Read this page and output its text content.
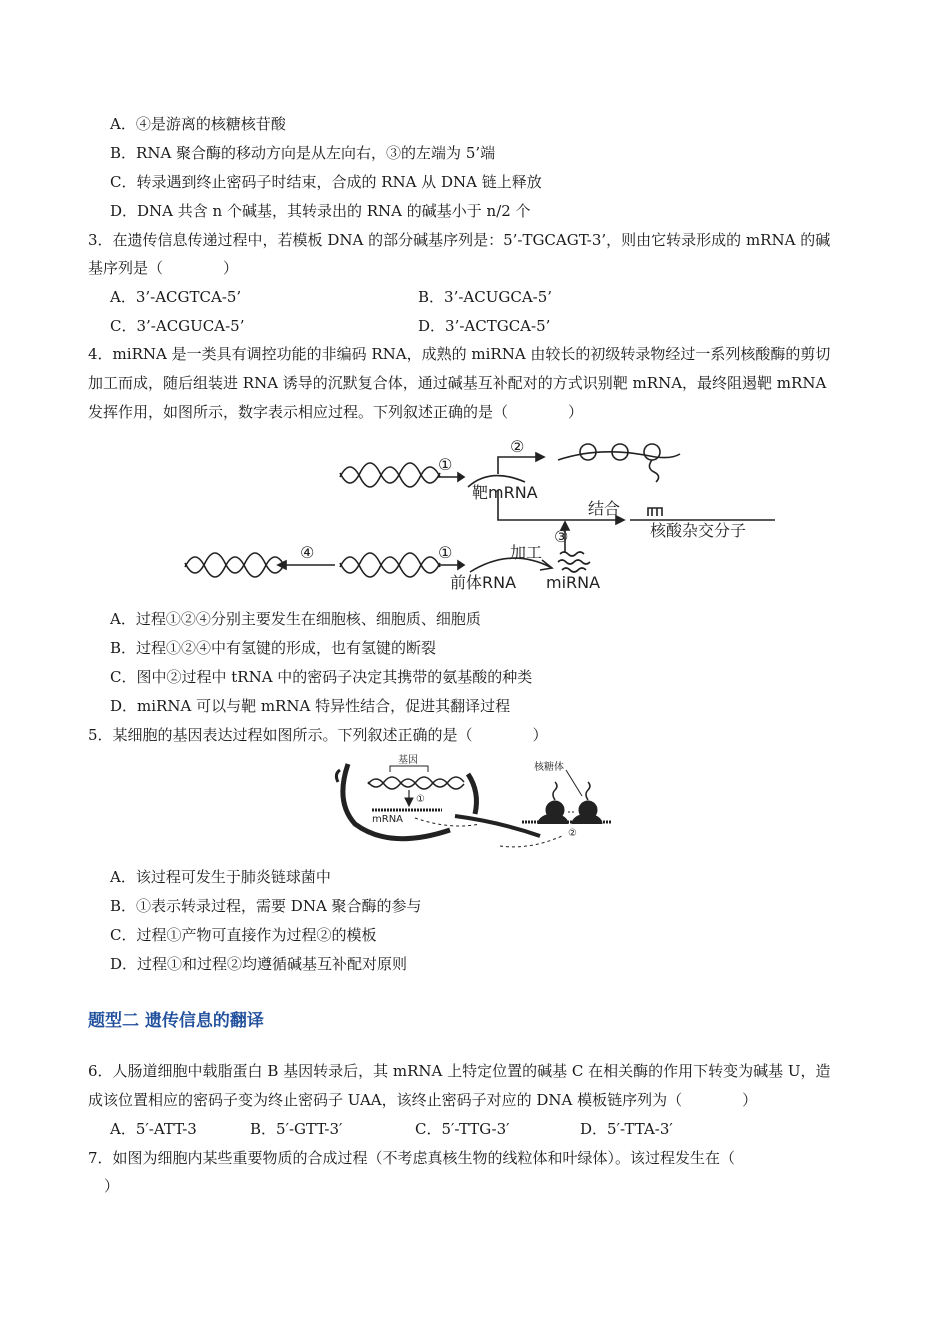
A．④是游离的核糖核苷酸
B．RNA 聚合酶的移动方向是从左向右，③的左端为 5’端
C．转录遇到终止密码子时结束，合成的 RNA 从 DNA 链上释放
D．DNA 共含 n 个碱基，其转录出的 RNA 的碱基小于 n/2 个
3．在遗传信息传递过程中，若模板 DNA 的部分碱基序列是：5’-TGCAGT-3’，则由它转录形成的 mRNA 的碱
基序列是（　　　　）
A．3’-ACGTCA-5’	B．3’-ACUGCA-5’
C．3’-ACGUCA-5’	D．3’-ACTGCA-5’
4．miRNA 是一类具有调控功能的非编码 RNA，成熟的 miRNA 由较长的初级转录物经过一系列核酸酶的剪切
加工而成，随后组装进 RNA 诱导的沉默复合体，通过碱基互补配对的方式识别靶 mRNA，最终阻遏靶 mRNA
发挥作用，如图所示，数字表示相应过程。下列叙述正确的是（　　　　）
①
②
靶mRNA
结合
核酸杂交分子
③
④	①	加工
前体RNA miRNA
A．过程①②④分别主要发生在细胞核、细胞质、细胞质
B．过程①②④中有氢键的形成，也有氢键的断裂
C．图中②过程中 tRNA 中的密码子决定其携带的氨基酸的种类
D．miRNA 可以与靶 mRNA 特异性结合，促进其翻译过程
5．某细胞的基因表达过程如图所示。下列叙述正确的是（　　　　）
基因
核糖体
mRNA
①
②
A．该过程可发生于肺炎链球菌中
B．①表示转录过程，需要 DNA 聚合酶的参与
C．过程①产物可直接作为过程②的模板
D．过程①和过程②均遵循碱基互补配对原则
题型二 遗传信息的翻译
6．人肠道细胞中载脂蛋白 B 基因转录后，其 mRNA 上特定位置的碱基 C 在相关酶的作用下转变为碱基 U，造
成该位置相应的密码子变为终止密码子 UAA，该终止密码子对应的 DNA 模板链序列为（　　　　）
A．5′-ATT-3	B．5′-GTT-3′	C．5′-TTG-3′	D．5′-TTA-3′
7．如图为细胞内某些重要物质的合成过程（不考虑真核生物的线粒体和叶绿体）。该过程发生在（
）
